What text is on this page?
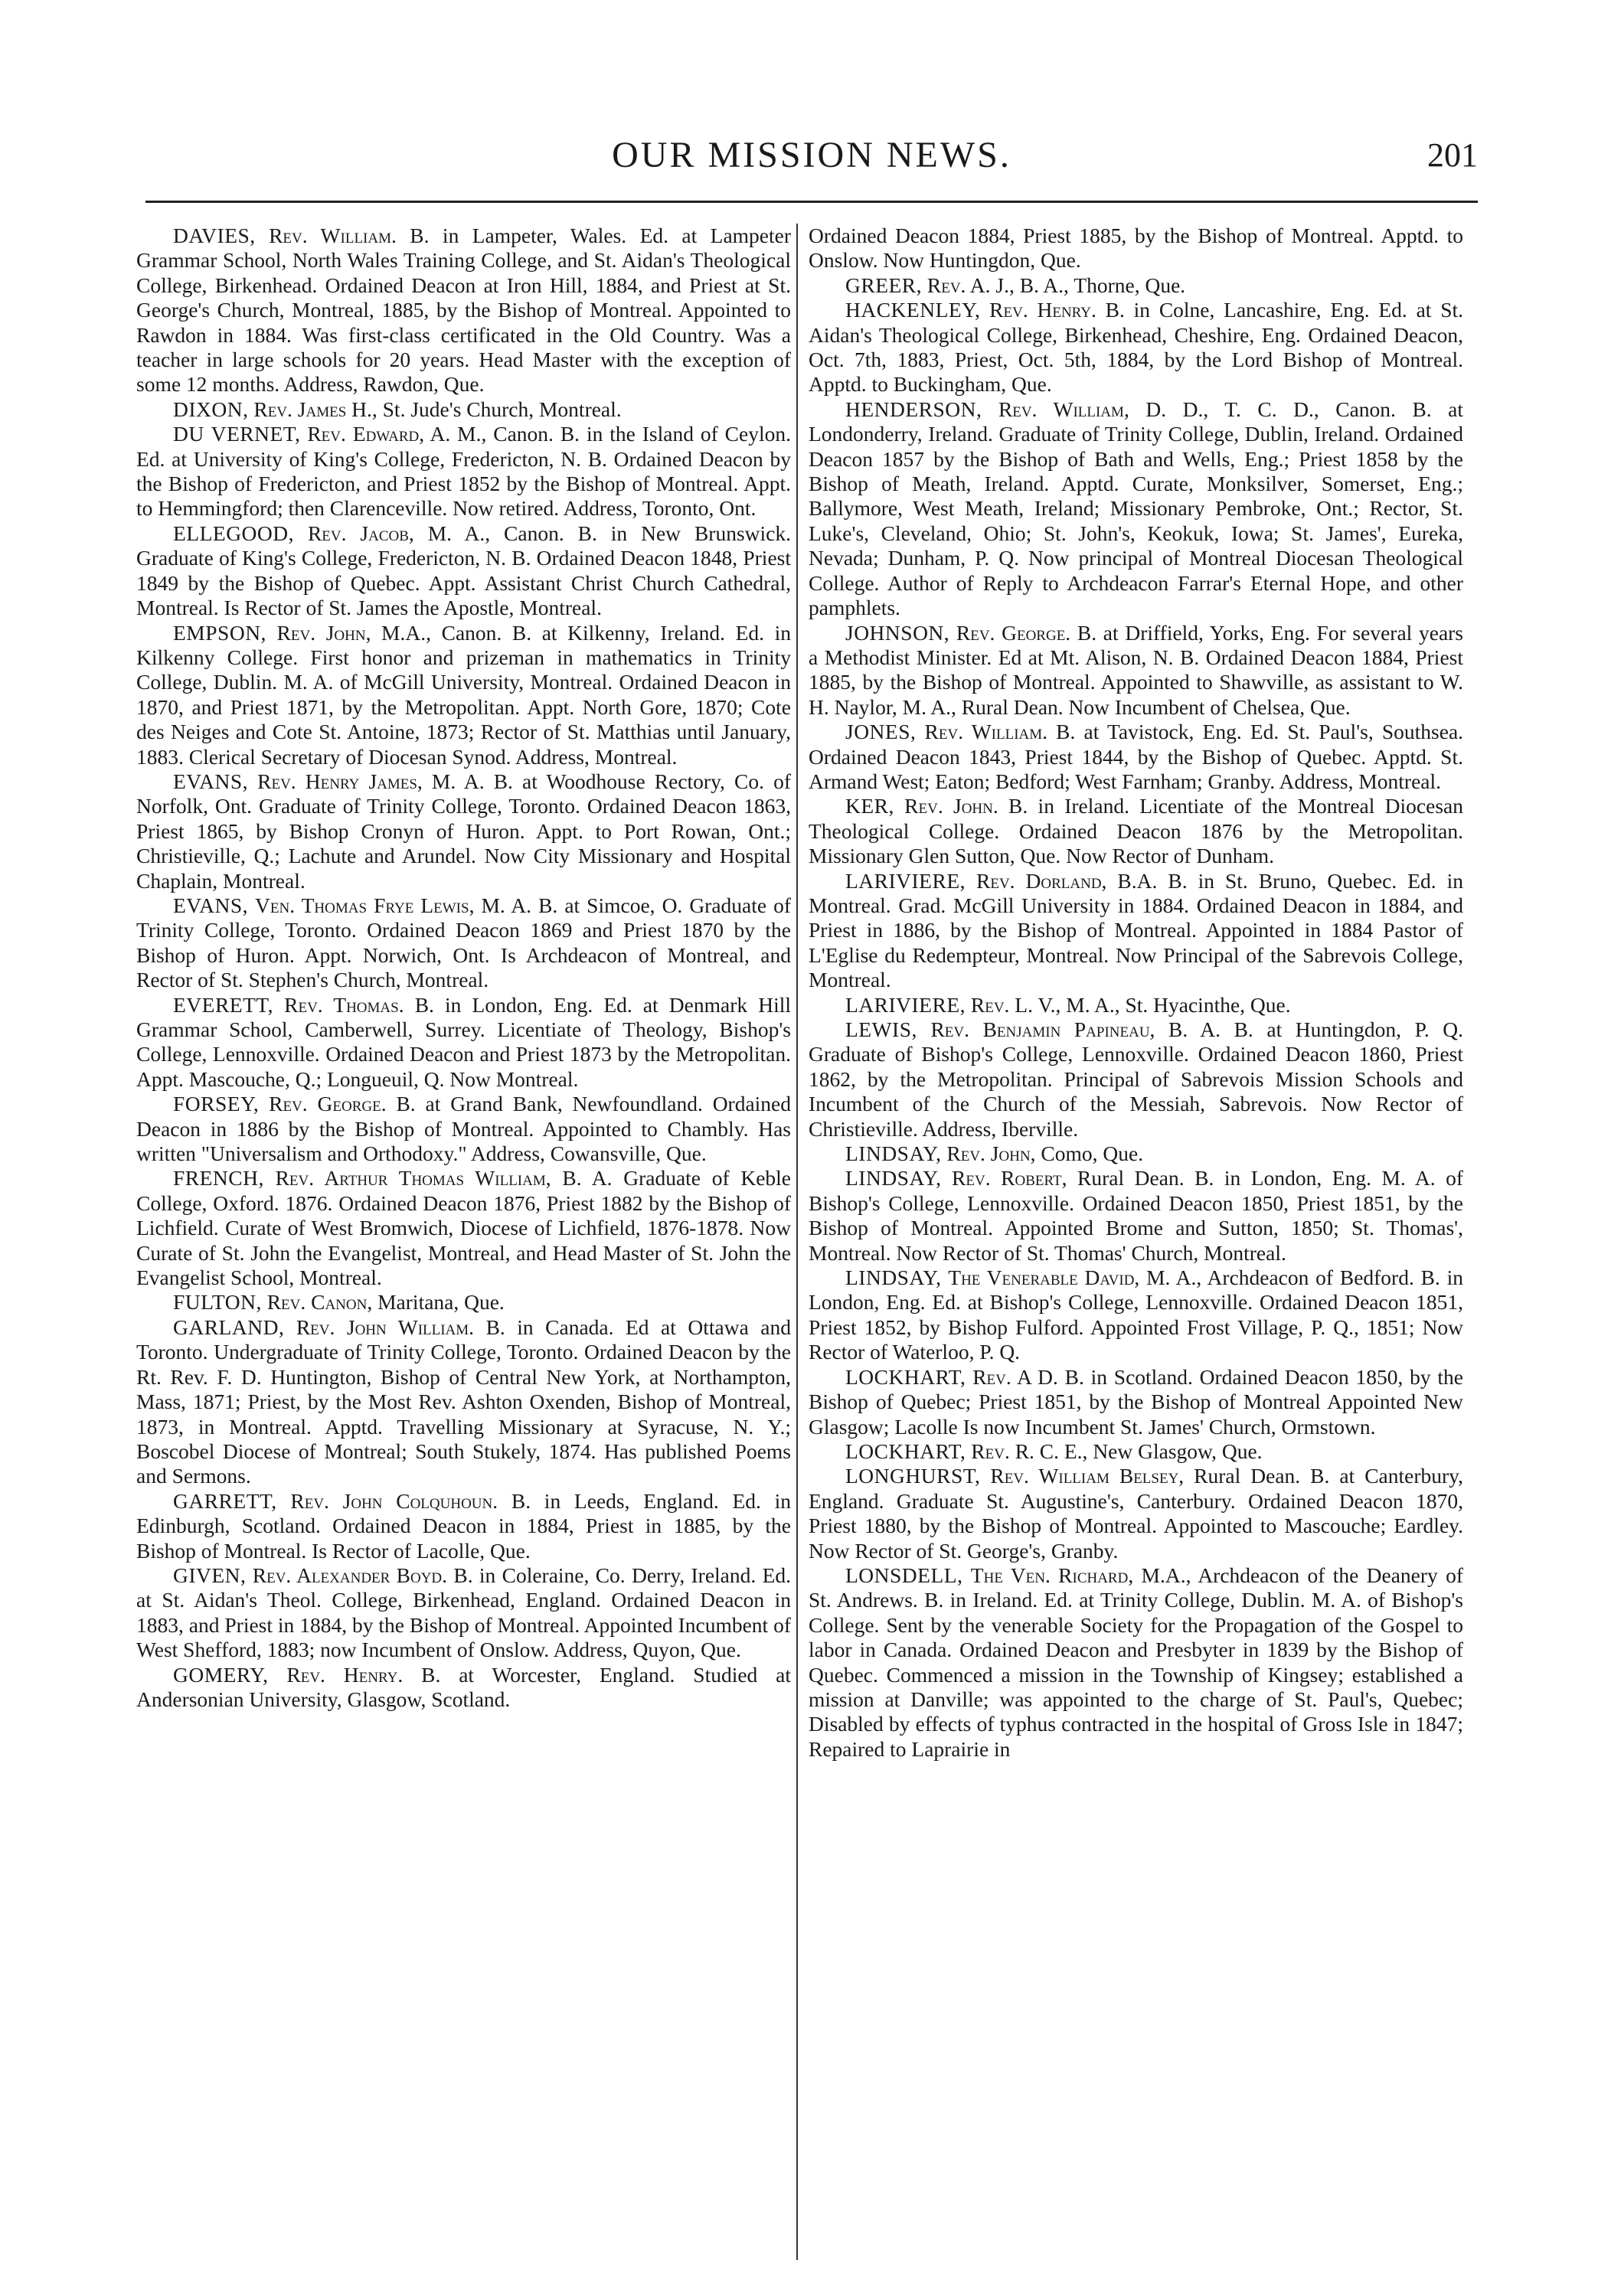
OUR MISSION NEWS.	201

DAVIES, Rev. William. B. in Lampeter, Wales. Ed. at Lampeter Grammar School, North Wales Training College, and St. Aidan's Theological College, Birkenhead. Ordained Deacon at Iron Hill, 1884, and Priest at St. George's Church, Montreal, 1885, by the Bishop of Montreal. Appointed to Rawdon in 1884. Was first-class certificated in the Old Country. Was a teacher in large schools for 20 years. Head Master with the exception of some 12 months. Address, Rawdon, Que.

DIXON, Rev. James H., St. Jude's Church, Montreal.

DU VERNET, Rev. Edward, A. M., Canon. B. in the Island of Ceylon. Ed. at University of King's College, Fredericton, N. B. Ordained Deacon by the Bishop of Fredericton, and Priest 1852 by the Bishop of Montreal. Appt. to Hemmingford; then Clarenceville. Now retired. Address, Toronto, Ont.

ELLEGOOD, Rev. Jacob, M. A., Canon. B. in New Brunswick. Graduate of King's College, Fredericton, N. B. Ordained Deacon 1848, Priest 1849 by the Bishop of Quebec. Appt. Assistant Christ Church Cathedral, Montreal. Is Rector of St. James the Apostle, Montreal.

EMPSON, Rev. John, M.A., Canon. B. at Kilkenny, Ireland. Ed. in Kilkenny College. First honor and prizeman in mathematics in Trinity College, Dublin. M. A. of McGill University, Montreal. Ordained Deacon in 1870, and Priest 1871, by the Metropolitan. Appt. North Gore, 1870; Cote des Neiges and Cote St. Antoine, 1873; Rector of St. Matthias until January, 1883. Clerical Secretary of Diocesan Synod. Address, Montreal.

EVANS, Rev. Henry James, M. A. B. at Woodhouse Rectory, Co. of Norfolk, Ont. Graduate of Trinity College, Toronto. Ordained Deacon 1863, Priest 1865, by Bishop Cronyn of Huron. Appt. to Port Rowan, Ont.; Christieville, Q.; Lachute and Arundel. Now City Missionary and Hospital Chaplain, Montreal.

EVANS, Ven. Thomas Frye Lewis, M. A. B. at Simcoe, O. Graduate of Trinity College, Toronto. Ordained Deacon 1869 and Priest 1870 by the Bishop of Huron. Appt. Norwich, Ont. Is Archdeacon of Montreal, and Rector of St. Stephen's Church, Montreal.

EVERETT, Rev. Thomas. B. in London, Eng. Ed. at Denmark Hill Grammar School, Camberwell, Surrey. Licentiate of Theology, Bishop's College, Lennoxville. Ordained Deacon and Priest 1873 by the Metropolitan. Appt. Mascouche, Q.; Longueuil, Q. Now Montreal.

FORSEY, Rev. George. B. at Grand Bank, Newfoundland. Ordained Deacon in 1886 by the Bishop of Montreal. Appointed to Chambly. Has written "Universalism and Orthodoxy." Address, Cowansville, Que.

FRENCH, Rev. Arthur Thomas William, B. A. Graduate of Keble College, Oxford. 1876. Ordained Deacon 1876, Priest 1882 by the Bishop of Lichfield. Curate of West Bromwich, Diocese of Lichfield, 1876-1878. Now Curate of St. John the Evangelist, Montreal, and Head Master of St. John the Evangelist School, Montreal.

FULTON, Rev. Canon, Maritana, Que.

GARLAND, Rev. John William. B. in Canada. Ed at Ottawa and Toronto. Undergraduate of Trinity College, Toronto. Ordained Deacon by the Rt. Rev. F. D. Huntington, Bishop of Central New York, at Northampton, Mass, 1871; Priest, by the Most Rev. Ashton Oxenden, Bishop of Montreal, 1873, in Montreal. Apptd. Travelling Missionary at Syracuse, N. Y.; Boscobel Diocese of Montreal; South Stukely, 1874. Has published Poems and Sermons.

GARRETT, Rev. John Colquhoun. B. in Leeds, England. Ed. in Edinburgh, Scotland. Ordained Deacon in 1884, Priest in 1885, by the Bishop of Montreal. Is Rector of Lacolle, Que.

GIVEN, Rev. Alexander Boyd. B. in Coleraine, Co. Derry, Ireland. Ed. at St. Aidan's Theol. College, Birkenhead, England. Ordained Deacon in 1883, and Priest in 1884, by the Bishop of Montreal. Appointed Incumbent of West Shefford, 1883; now Incumbent of Onslow. Address, Quyon, Que.

GOMERY, Rev. Henry. B. at Worcester, England. Studied at Andersonian University, Glasgow, Scotland.

Ordained Deacon 1884, Priest 1885, by the Bishop of Montreal. Apptd. to Onslow. Now Huntingdon, Que.

GREER, Rev. A. J., B. A., Thorne, Que.

HACKENLEY, Rev. Henry. B. in Colne, Lancashire, Eng. Ed. at St. Aidan's Theological College, Birkenhead, Cheshire, Eng. Ordained Deacon, Oct. 7th, 1883, Priest, Oct. 5th, 1884, by the Lord Bishop of Montreal. Apptd. to Buckingham, Que.

HENDERSON, Rev. William, D. D., T. C. D., Canon. B. at Londonderry, Ireland. Graduate of Trinity College, Dublin, Ireland. Ordained Deacon 1857 by the Bishop of Bath and Wells, Eng.; Priest 1858 by the Bishop of Meath, Ireland. Apptd. Curate, Monksilver, Somerset, Eng.; Ballymore, West Meath, Ireland; Missionary Pembroke, Ont.; Rector, St. Luke's, Cleveland, Ohio; St. John's, Keokuk, Iowa; St. James', Eureka, Nevada; Dunham, P. Q. Now principal of Montreal Diocesan Theological College. Author of Reply to Archdeacon Farrar's Eternal Hope, and other pamphlets.

JOHNSON, Rev. George. B. at Driffield, Yorks, Eng. For several years a Methodist Minister. Ed at Mt. Alison, N. B. Ordained Deacon 1884, Priest 1885, by the Bishop of Montreal. Appointed to Shawville, as assistant to W. H. Naylor, M. A., Rural Dean. Now Incumbent of Chelsea, Que.

JONES, Rev. William. B. at Tavistock, Eng. Ed. St. Paul's, Southsea. Ordained Deacon 1843, Priest 1844, by the Bishop of Quebec. Apptd. St. Armand West; Eaton; Bedford; West Farnham; Granby. Address, Montreal.

KER, Rev. John. B. in Ireland. Licentiate of the Montreal Diocesan Theological College. Ordained Deacon 1876 by the Metropolitan. Missionary Glen Sutton, Que. Now Rector of Dunham.

LARIVIERE, Rev. Dorland, B.A. B. in St. Bruno, Quebec. Ed. in Montreal. Grad. McGill University in 1884. Ordained Deacon in 1884, and Priest in 1886, by the Bishop of Montreal. Appointed in 1884 Pastor of L'Eglise du Redempteur, Montreal. Now Principal of the Sabrevois College, Montreal.

LARIVIERE, Rev. L. V., M. A., St. Hyacinthe, Que.

LEWIS, Rev. Benjamin Papineau, B. A. B. at Huntingdon, P. Q. Graduate of Bishop's College, Lennoxville. Ordained Deacon 1860, Priest 1862, by the Metropolitan. Principal of Sabrevois Mission Schools and Incumbent of the Church of the Messiah, Sabrevois. Now Rector of Christieville. Address, Iberville.

LINDSAY, Rev. John, Como, Que.

LINDSAY, Rev. Robert, Rural Dean. B. in London, Eng. M. A. of Bishop's College, Lennoxville. Ordained Deacon 1850, Priest 1851, by the Bishop of Montreal. Appointed Brome and Sutton, 1850; St. Thomas', Montreal. Now Rector of St. Thomas' Church, Montreal.

LINDSAY, The Venerable David, M. A., Archdeacon of Bedford. B. in London, Eng. Ed. at Bishop's College, Lennoxville. Ordained Deacon 1851, Priest 1852, by Bishop Fulford. Appointed Frost Village, P. Q., 1851; Now Rector of Waterloo, P. Q.

LOCKHART, Rev. A D. B. in Scotland. Ordained Deacon 1850, by the Bishop of Quebec; Priest 1851, by the Bishop of Montreal Appointed New Glasgow; Lacolle Is now Incumbent St. James' Church, Ormstown.

LOCKHART, Rev. R. C. E., New Glasgow, Que.

LONGHURST, Rev. William Belsey, Rural Dean. B. at Canterbury, England. Graduate St. Augustine's, Canterbury. Ordained Deacon 1870, Priest 1880, by the Bishop of Montreal. Appointed to Mascouche; Eardley. Now Rector of St. George's, Granby.

LONSDELL, The Ven. Richard, M.A., Archdeacon of the Deanery of St. Andrews. B. in Ireland. Ed. at Trinity College, Dublin. M. A. of Bishop's College. Sent by the venerable Society for the Propagation of the Gospel to labor in Canada. Ordained Deacon and Presbyter in 1839 by the Bishop of Quebec. Commenced a mission in the Township of Kingsey; established a mission at Danville; was appointed to the charge of St. Paul's, Quebec; Disabled by effects of typhus contracted in the hospital of Gross Isle in 1847; Repaired to Laprairie in
